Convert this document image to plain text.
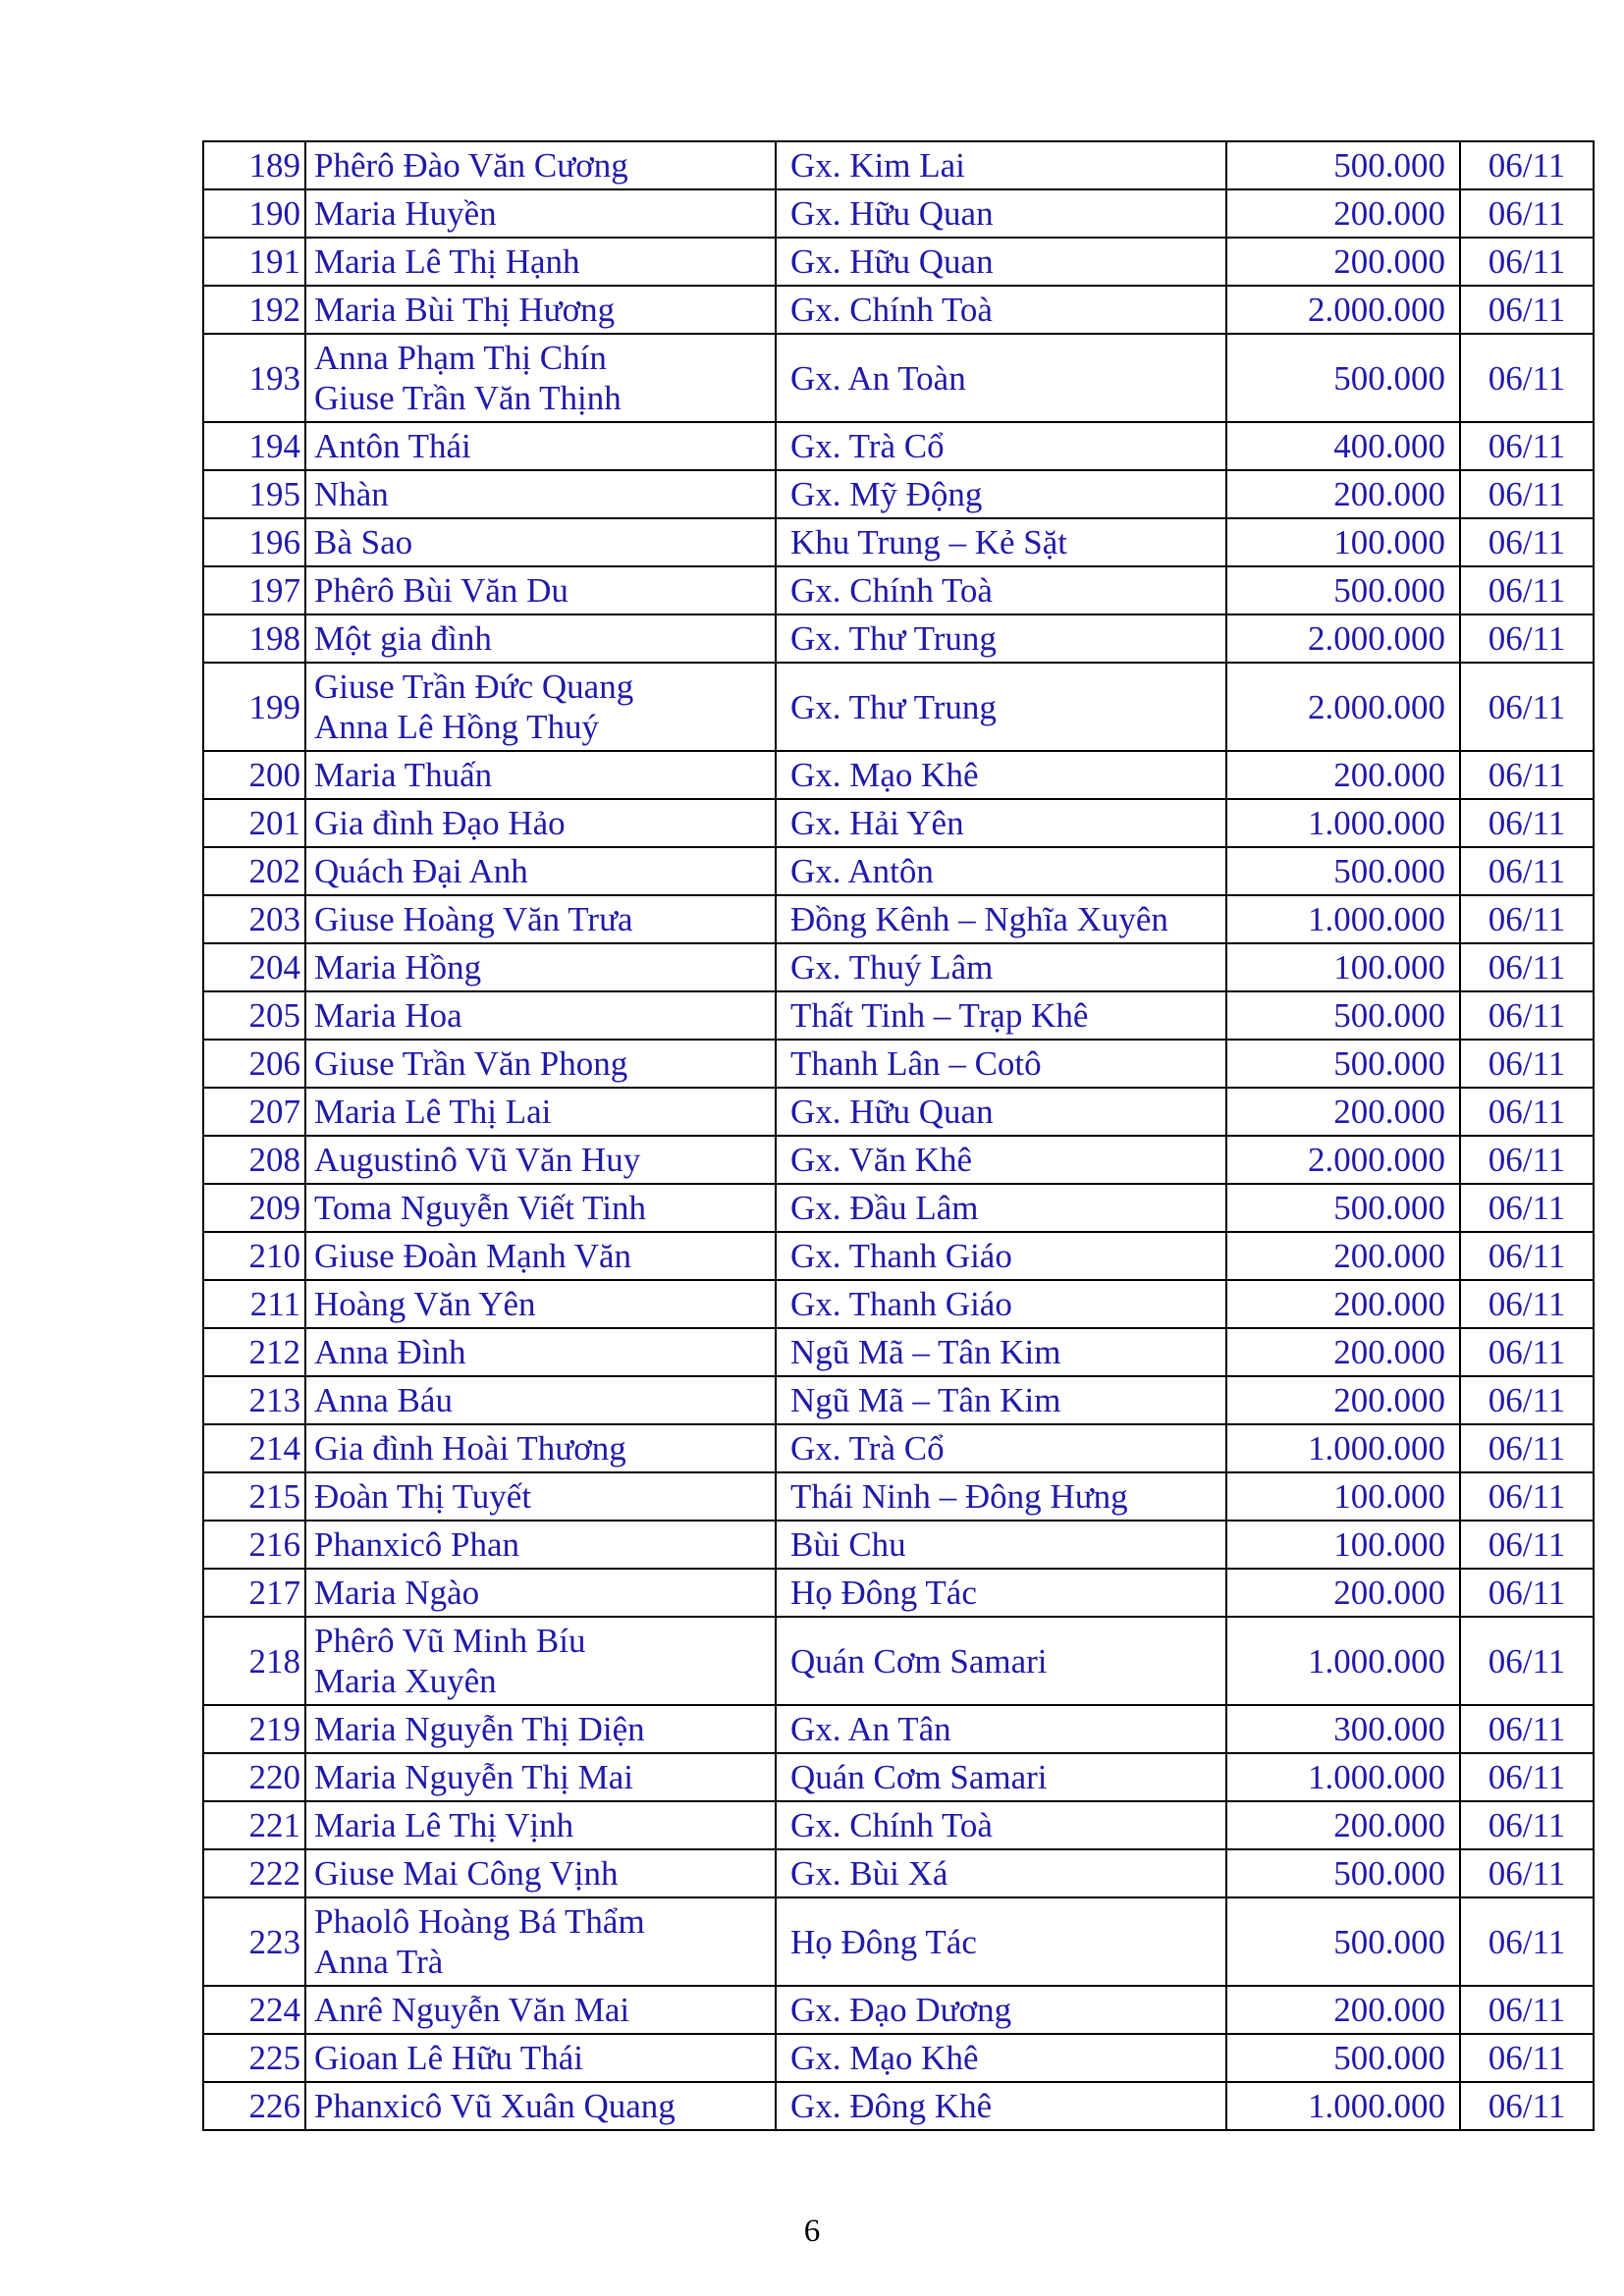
189	Phêrô Đào Văn Cương	Gx. Kim Lai	500.000	06/11
190	Maria Huyền	Gx. Hữu Quan	200.000	06/11
191	Maria Lê Thị Hạnh	Gx. Hữu Quan	200.000	06/11
192	Maria Bùi Thị Hương	Gx. Chính Toà	2.000.000	06/11
193	Anna Phạm Thị Chín
Giuse Trần Văn Thịnh	Gx. An Toàn	500.000	06/11
194	Antôn Thái	Gx. Trà Cổ	400.000	06/11
195	Nhàn	Gx. Mỹ Động	200.000	06/11
196	Bà Sao	Khu Trung – Kẻ Sặt	100.000	06/11
197	Phêrô Bùi Văn Du	Gx. Chính Toà	500.000	06/11
198	Một gia đình	Gx. Thư Trung	2.000.000	06/11
199	Giuse Trần Đức Quang
Anna Lê Hồng Thuý	Gx. Thư Trung	2.000.000	06/11
200	Maria Thuấn	Gx. Mạo Khê	200.000	06/11
201	Gia đình Đạo Hảo	Gx. Hải Yên	1.000.000	06/11
202	Quách Đại Anh	Gx. Antôn	500.000	06/11
203	Giuse Hoàng Văn Trưa	Đồng Kênh – Nghĩa Xuyên	1.000.000	06/11
204	Maria Hồng	Gx. Thuý Lâm	100.000	06/11
205	Maria Hoa	Thất Tinh – Trạp Khê	500.000	06/11
206	Giuse Trần Văn Phong	Thanh Lân – Cotô	500.000	06/11
207	Maria Lê Thị Lai	Gx. Hữu Quan	200.000	06/11
208	Augustinô Vũ Văn Huy	Gx. Văn Khê	2.000.000	06/11
209	Toma Nguyễn Viết Tinh	Gx. Đầu Lâm	500.000	06/11
210	Giuse Đoàn Mạnh Văn	Gx. Thanh Giáo	200.000	06/11
211	Hoàng Văn Yên	Gx. Thanh Giáo	200.000	06/11
212	Anna Đình	Ngũ Mã – Tân Kim	200.000	06/11
213	Anna Báu	Ngũ Mã – Tân Kim	200.000	06/11
214	Gia đình Hoài Thương	Gx. Trà Cổ	1.000.000	06/11
215	Đoàn Thị Tuyết	Thái Ninh – Đông Hưng	100.000	06/11
216	Phanxicô Phan	Bùi Chu	100.000	06/11
217	Maria Ngào	Họ Đông Tác	200.000	06/11
218	Phêrô Vũ Minh Bíu
Maria Xuyên	Quán Cơm Samari	1.000.000	06/11
219	Maria Nguyễn Thị Diện	Gx. An Tân	300.000	06/11
220	Maria Nguyễn Thị Mai	Quán Cơm Samari	1.000.000	06/11
221	Maria Lê Thị Vịnh	Gx. Chính Toà	200.000	06/11
222	Giuse Mai Công Vịnh	Gx. Bùi Xá	500.000	06/11
223	Phaolô Hoàng Bá Thẩm
Anna Trà	Họ Đông Tác	500.000	06/11
224	Anrê Nguyễn Văn Mai	Gx. Đạo Dương	200.000	06/11
225	Gioan Lê Hữu Thái	Gx. Mạo Khê	500.000	06/11
226	Phanxicô Vũ Xuân Quang	Gx. Đông Khê	1.000.000	06/11
6
